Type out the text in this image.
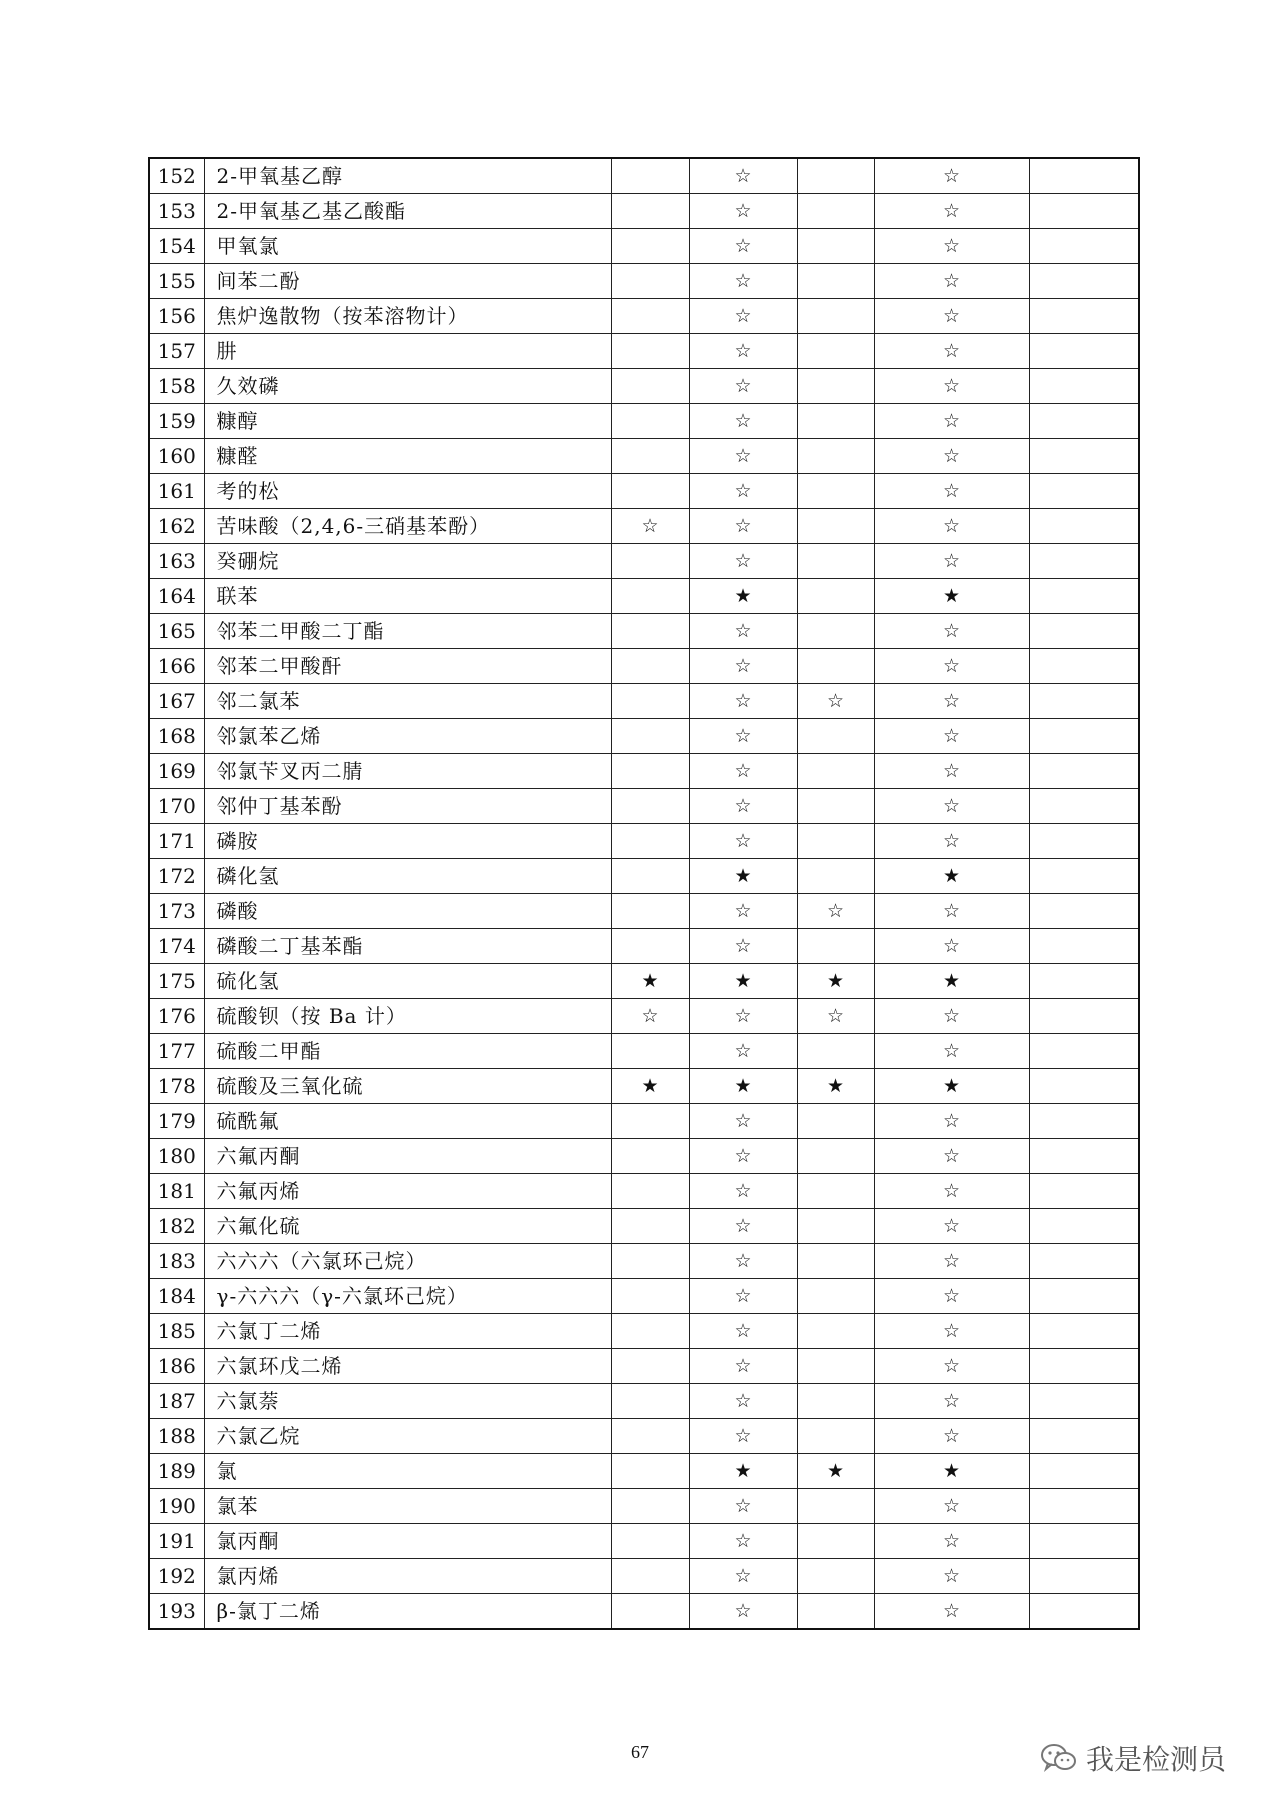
152	2-甲氧基乙醇		☆		☆	
153	2-甲氧基乙基乙酸酯		☆		☆	
154	甲氧氯		☆		☆	
155	间苯二酚		☆		☆	
156	焦炉逸散物（按苯溶物计）		☆		☆	
157	肼		☆		☆	
158	久效磷		☆		☆	
159	糠醇		☆		☆	
160	糠醛		☆		☆	
161	考的松		☆		☆	
162	苦味酸（2,4,6-三硝基苯酚）	☆	☆		☆	
163	癸硼烷		☆		☆	
164	联苯		★		★	
165	邻苯二甲酸二丁酯		☆		☆	
166	邻苯二甲酸酐		☆		☆	
167	邻二氯苯		☆	☆	☆	
168	邻氯苯乙烯		☆		☆	
169	邻氯苄叉丙二腈		☆		☆	
170	邻仲丁基苯酚		☆		☆	
171	磷胺		☆		☆	
172	磷化氢		★		★	
173	磷酸		☆	☆	☆	
174	磷酸二丁基苯酯		☆		☆	
175	硫化氢	★	★	★	★	
176	硫酸钡（按 Ba 计）	☆	☆	☆	☆	
177	硫酸二甲酯		☆		☆	
178	硫酸及三氧化硫	★	★	★	★	
179	硫酰氟		☆		☆	
180	六氟丙酮		☆		☆	
181	六氟丙烯		☆		☆	
182	六氟化硫		☆		☆	
183	六六六（六氯环己烷）		☆		☆	
184	γ-六六六（γ-六氯环己烷）		☆		☆	
185	六氯丁二烯		☆		☆	
186	六氯环戊二烯		☆		☆	
187	六氯萘		☆		☆	
188	六氯乙烷		☆		☆	
189	氯		★	★	★	
190	氯苯		☆		☆	
191	氯丙酮		☆		☆	
192	氯丙烯		☆		☆	
193	β-氯丁二烯		☆		☆	
67	我是检测员
